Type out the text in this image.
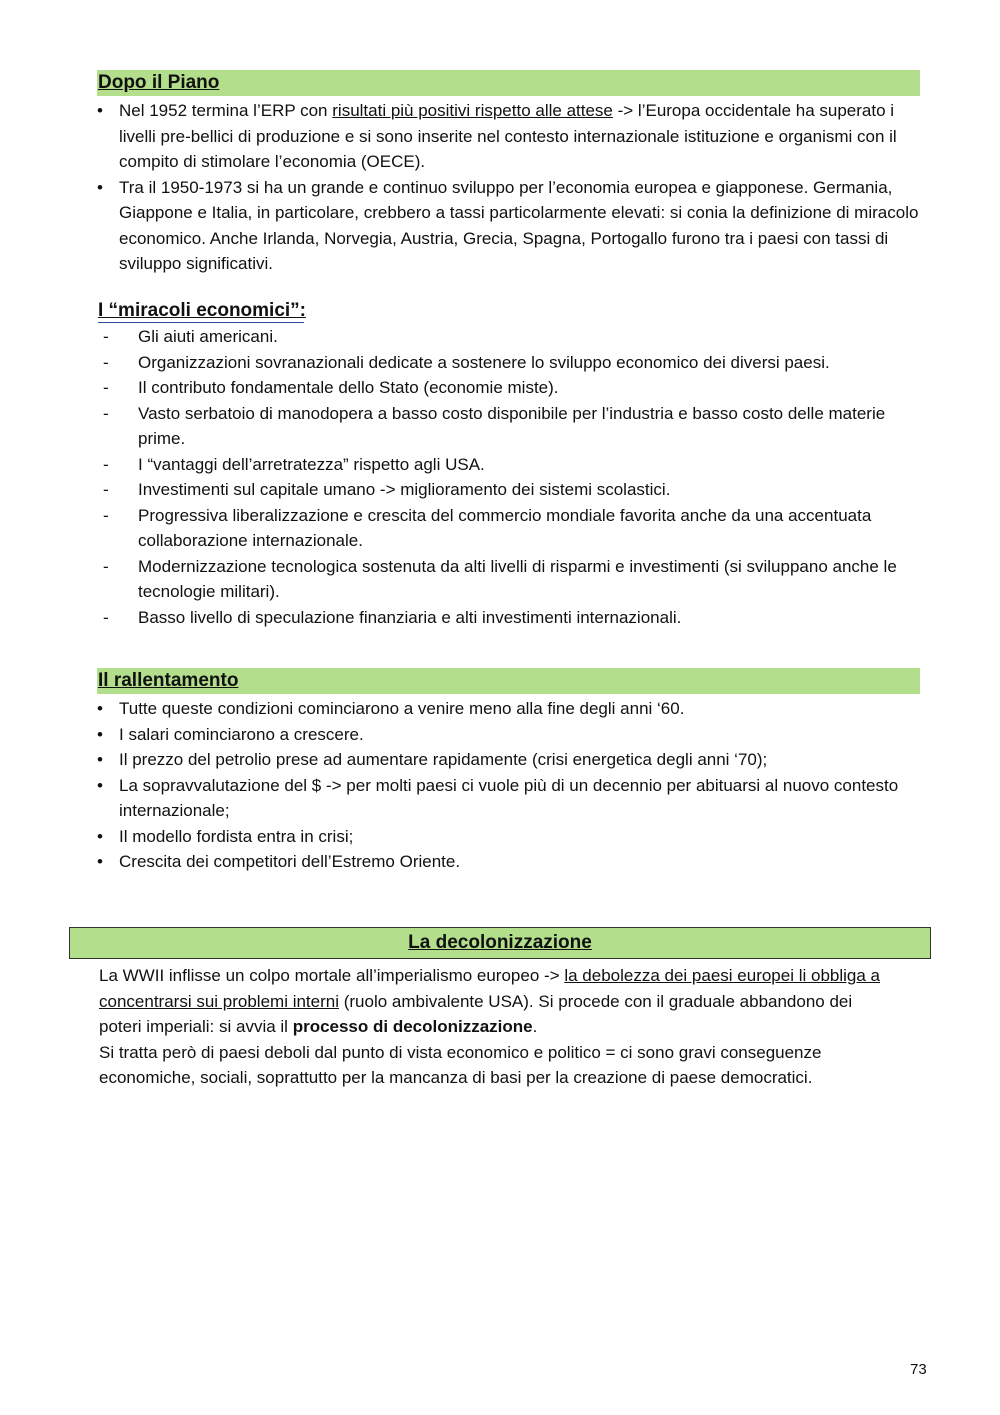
Dopo il Piano
• Nel 1952 termina l’ERP con risultati più positivi rispetto alle attese -> l’Europa occidentale ha superato i livelli pre-bellici di produzione e si sono inserite nel contesto internazionale istituzione e organismi con il compito di stimolare l’economia (OECE).
• Tra il 1950-1973 si ha un grande e continuo sviluppo per l’economia europea e giapponese. Germania, Giappone e Italia, in particolare, crebbero a tassi particolarmente elevati: si conia la definizione di miracolo economico. Anche Irlanda, Norvegia, Austria, Grecia, Spagna, Portogallo furono tra i paesi con tassi di sviluppo significativi.
I “miracoli economici”:
- Gli aiuti americani.
- Organizzazioni sovranazionali dedicate a sostenere lo sviluppo economico dei diversi paesi.
- Il contributo fondamentale dello Stato (economie miste).
- Vasto serbatoio di manodopera a basso costo disponibile per l’industria e basso costo delle materie prime.
- I “vantaggi dell’arretratezza” rispetto agli USA.
- Investimenti sul capitale umano -> miglioramento dei sistemi scolastici.
- Progressiva liberalizzazione e crescita del commercio mondiale favorita anche da una accentuata collaborazione internazionale.
- Modernizzazione tecnologica sostenuta da alti livelli di risparmi e investimenti (si sviluppano anche le tecnologie militari).
- Basso livello di speculazione finanziaria e alti investimenti internazionali.
Il rallentamento
• Tutte queste condizioni cominciarono a venire meno alla fine degli anni ‘60.
• I salari cominciarono a crescere.
• Il prezzo del petrolio prese ad aumentare rapidamente (crisi energetica degli anni ‘70);
• La sopravvalutazione del $ -> per molti paesi ci vuole più di un decennio per abituarsi al nuovo contesto internazionale;
• Il modello fordista entra in crisi;
• Crescita dei competitori dell’Estremo Oriente.
La decolonizzazione
La WWII inflisse un colpo mortale all’imperialismo europeo -> la debolezza dei paesi europei li obbliga a concentrarsi sui problemi interni (ruolo ambivalente USA). Si procede con il graduale abbandono dei poteri imperiali: si avvia il processo di decolonizzazione.
Si tratta però di paesi deboli dal punto di vista economico e politico = ci sono gravi conseguenze economiche, sociali, soprattutto per la mancanza di basi per la creazione di paese democratici.
73
